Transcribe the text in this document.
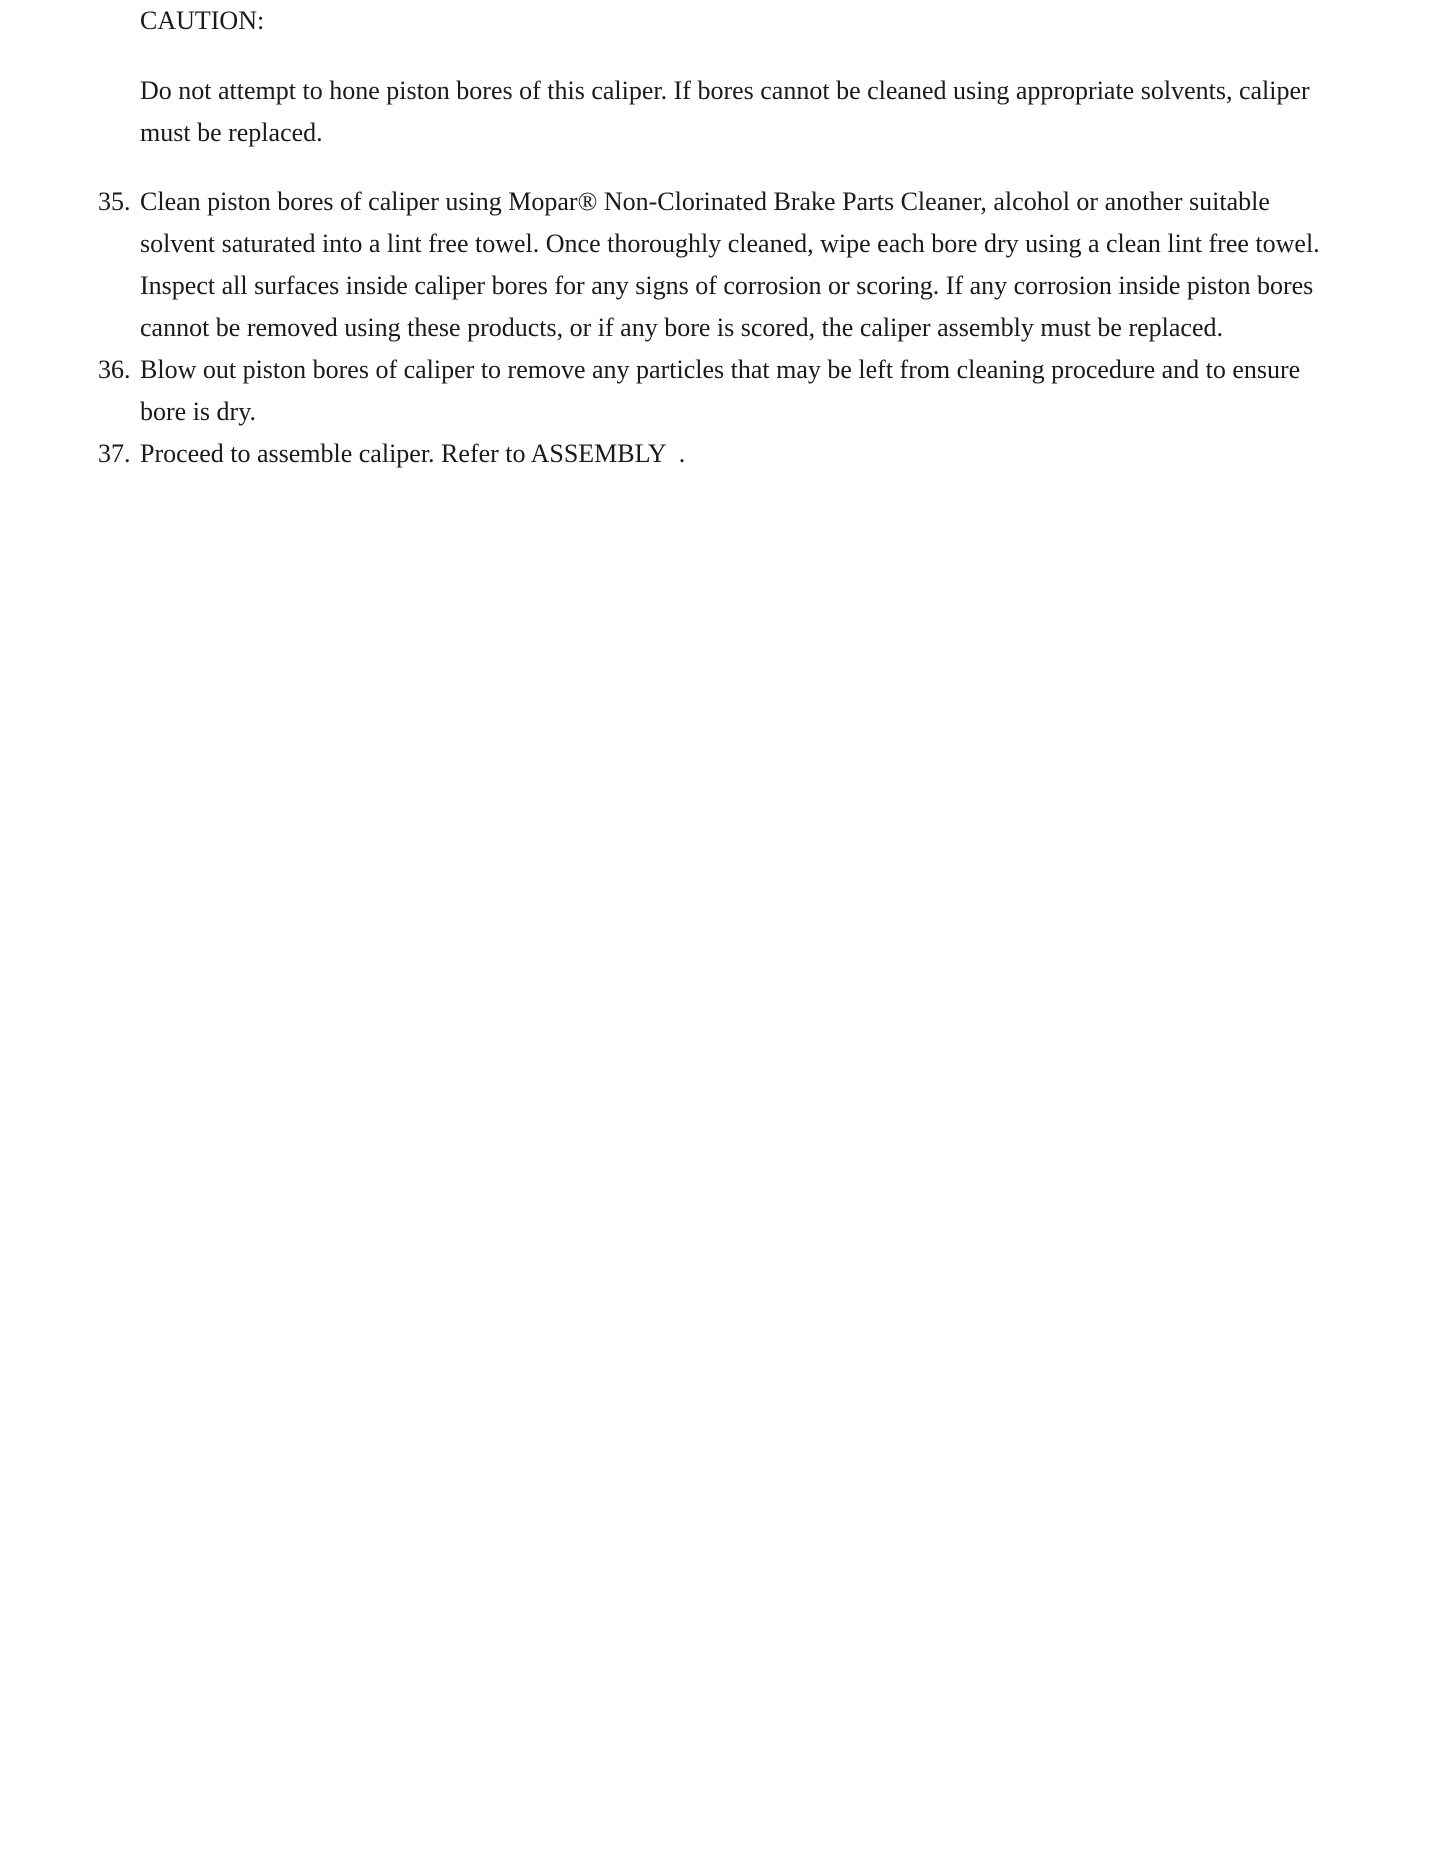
CAUTION:

Do not attempt to hone piston bores of this caliper. If bores cannot be cleaned using appropriate solvents, caliper must be replaced.

35. Clean piston bores of caliper using Mopar® Non-Clorinated Brake Parts Cleaner, alcohol or another suitable solvent saturated into a lint free towel. Once thoroughly cleaned, wipe each bore dry using a clean lint free towel. Inspect all surfaces inside caliper bores for any signs of corrosion or scoring. If any corrosion inside piston bores cannot be removed using these products, or if any bore is scored, the caliper assembly must be replaced.
36. Blow out piston bores of caliper to remove any particles that may be left from cleaning procedure and to ensure bore is dry.
37. Proceed to assemble caliper. Refer to ASSEMBLY  .
